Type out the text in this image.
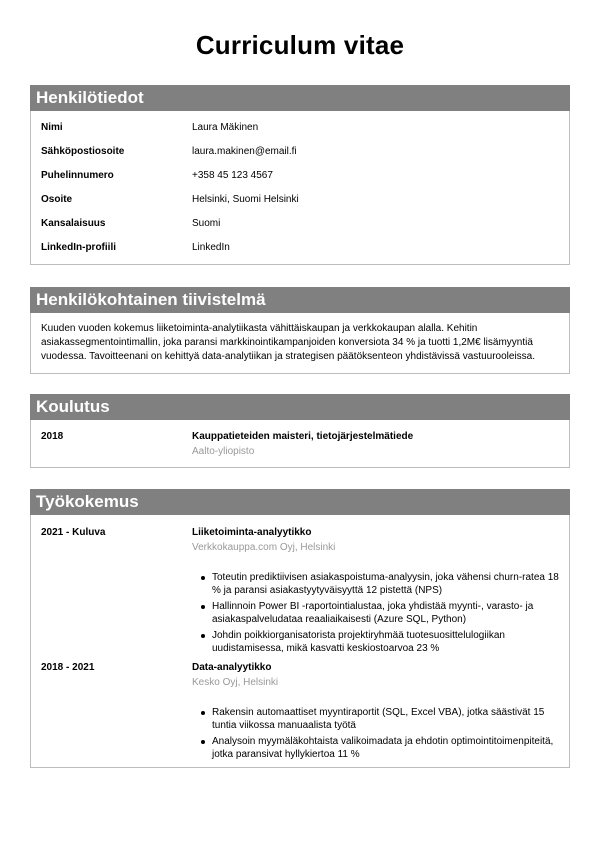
Curriculum vitae
Henkilötiedot
Nimi	Laura Mäkinen
Sähköpostiosoite	laura.makinen@email.fi
Puhelinnumero	+358 45 123 4567
Osoite	Helsinki, Suomi Helsinki
Kansalaisuus	Suomi
LinkedIn-profiili	LinkedIn
Henkilökohtainen tiivistelmä
Kuuden vuoden kokemus liiketoiminta-analytiikasta vähittäiskaupan ja verkkokaupan alalla. Kehitin asiakassegmentointimallin, joka paransi markkinointikampanjoiden konversiota 34 % ja tuotti 1,2M€ lisämyyntiä vuodessa. Tavoitteenani on kehittyä data-analytiikan ja strategisen päätöksenteon yhdistävissä vastuurooleissa.
Koulutus
2018	Kauppatieteiden maisteri, tietojärjestelmätiede
Aalto-yliopisto
Työkokemus
2021 - Kuluva	Liiketoiminta-analyytikko
Verkkokauppa.com Oyj, Helsinki
Toteutin prediktiivisen asiakaspoistuma-analyysin, joka vähensi churn-ratea 18 % ja paransi asiakastyytyväisyyttä 12 pistettä (NPS)
Hallinnoin Power BI -raportointialustaa, joka yhdistää myynti-, varasto- ja asiakaspalveludataa reaaliaikaisesti (Azure SQL, Python)
Johdin poikkiorganisatorista projektiryhmää tuotesuosittelulogiikan uudistamisessa, mikä kasvatti keskiostoarvoa 23 %
2018 - 2021	Data-analyytikko
Kesko Oyj, Helsinki
Rakensin automaattiset myyntiraportit (SQL, Excel VBA), jotka säästivät 15 tuntia viikossa manuaalista työtä
Analysoin myymäläkohtaista valikoimadata ja ehdotin optimointitoimenpiteitä, jotka paransivat hyllykiertoa 11 %
